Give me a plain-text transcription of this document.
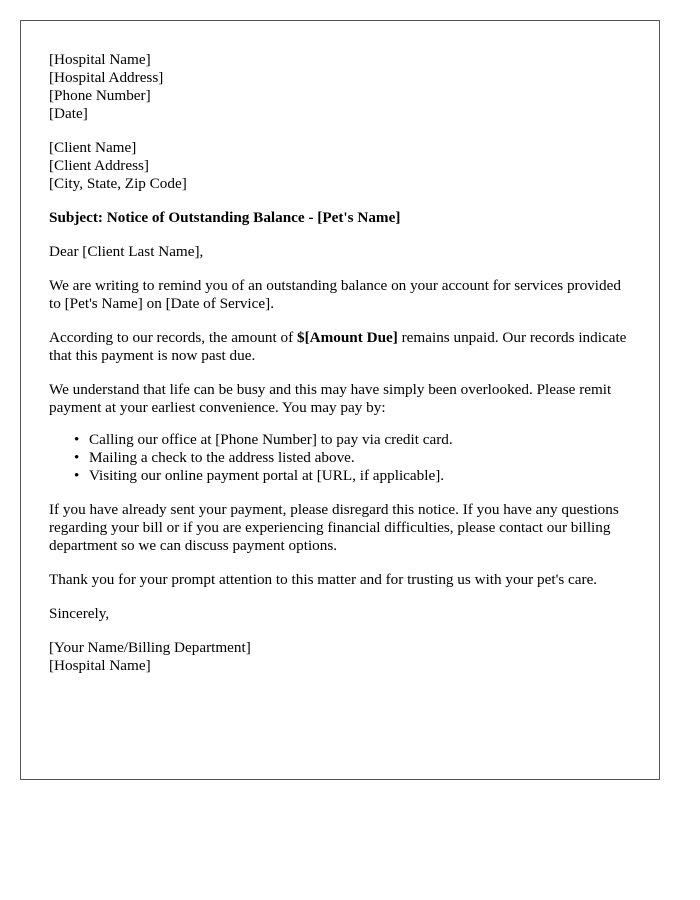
[Hospital Name]
[Hospital Address]
[Phone Number]
[Date]
[Client Name]
[Client Address]
[City, State, Zip Code]

Subject: Notice of Outstanding Balance - [Pet's Name]

Dear [Client Last Name],

We are writing to remind you of an outstanding balance on your account for services provided to [Pet's Name] on [Date of Service].

According to our records, the amount of $[Amount Due] remains unpaid. Our records indicate that this payment is now past due.

We understand that life can be busy and this may have simply been overlooked. Please remit payment at your earliest convenience. You may pay by:

• Calling our office at [Phone Number] to pay via credit card.
• Mailing a check to the address listed above.
• Visiting our online payment portal at [URL, if applicable].

If you have already sent your payment, please disregard this notice. If you have any questions regarding your bill or if you are experiencing financial difficulties, please contact our billing department so we can discuss payment options.

Thank you for your prompt attention to this matter and for trusting us with your pet's care.

Sincerely,

[Your Name/Billing Department]
[Hospital Name]
